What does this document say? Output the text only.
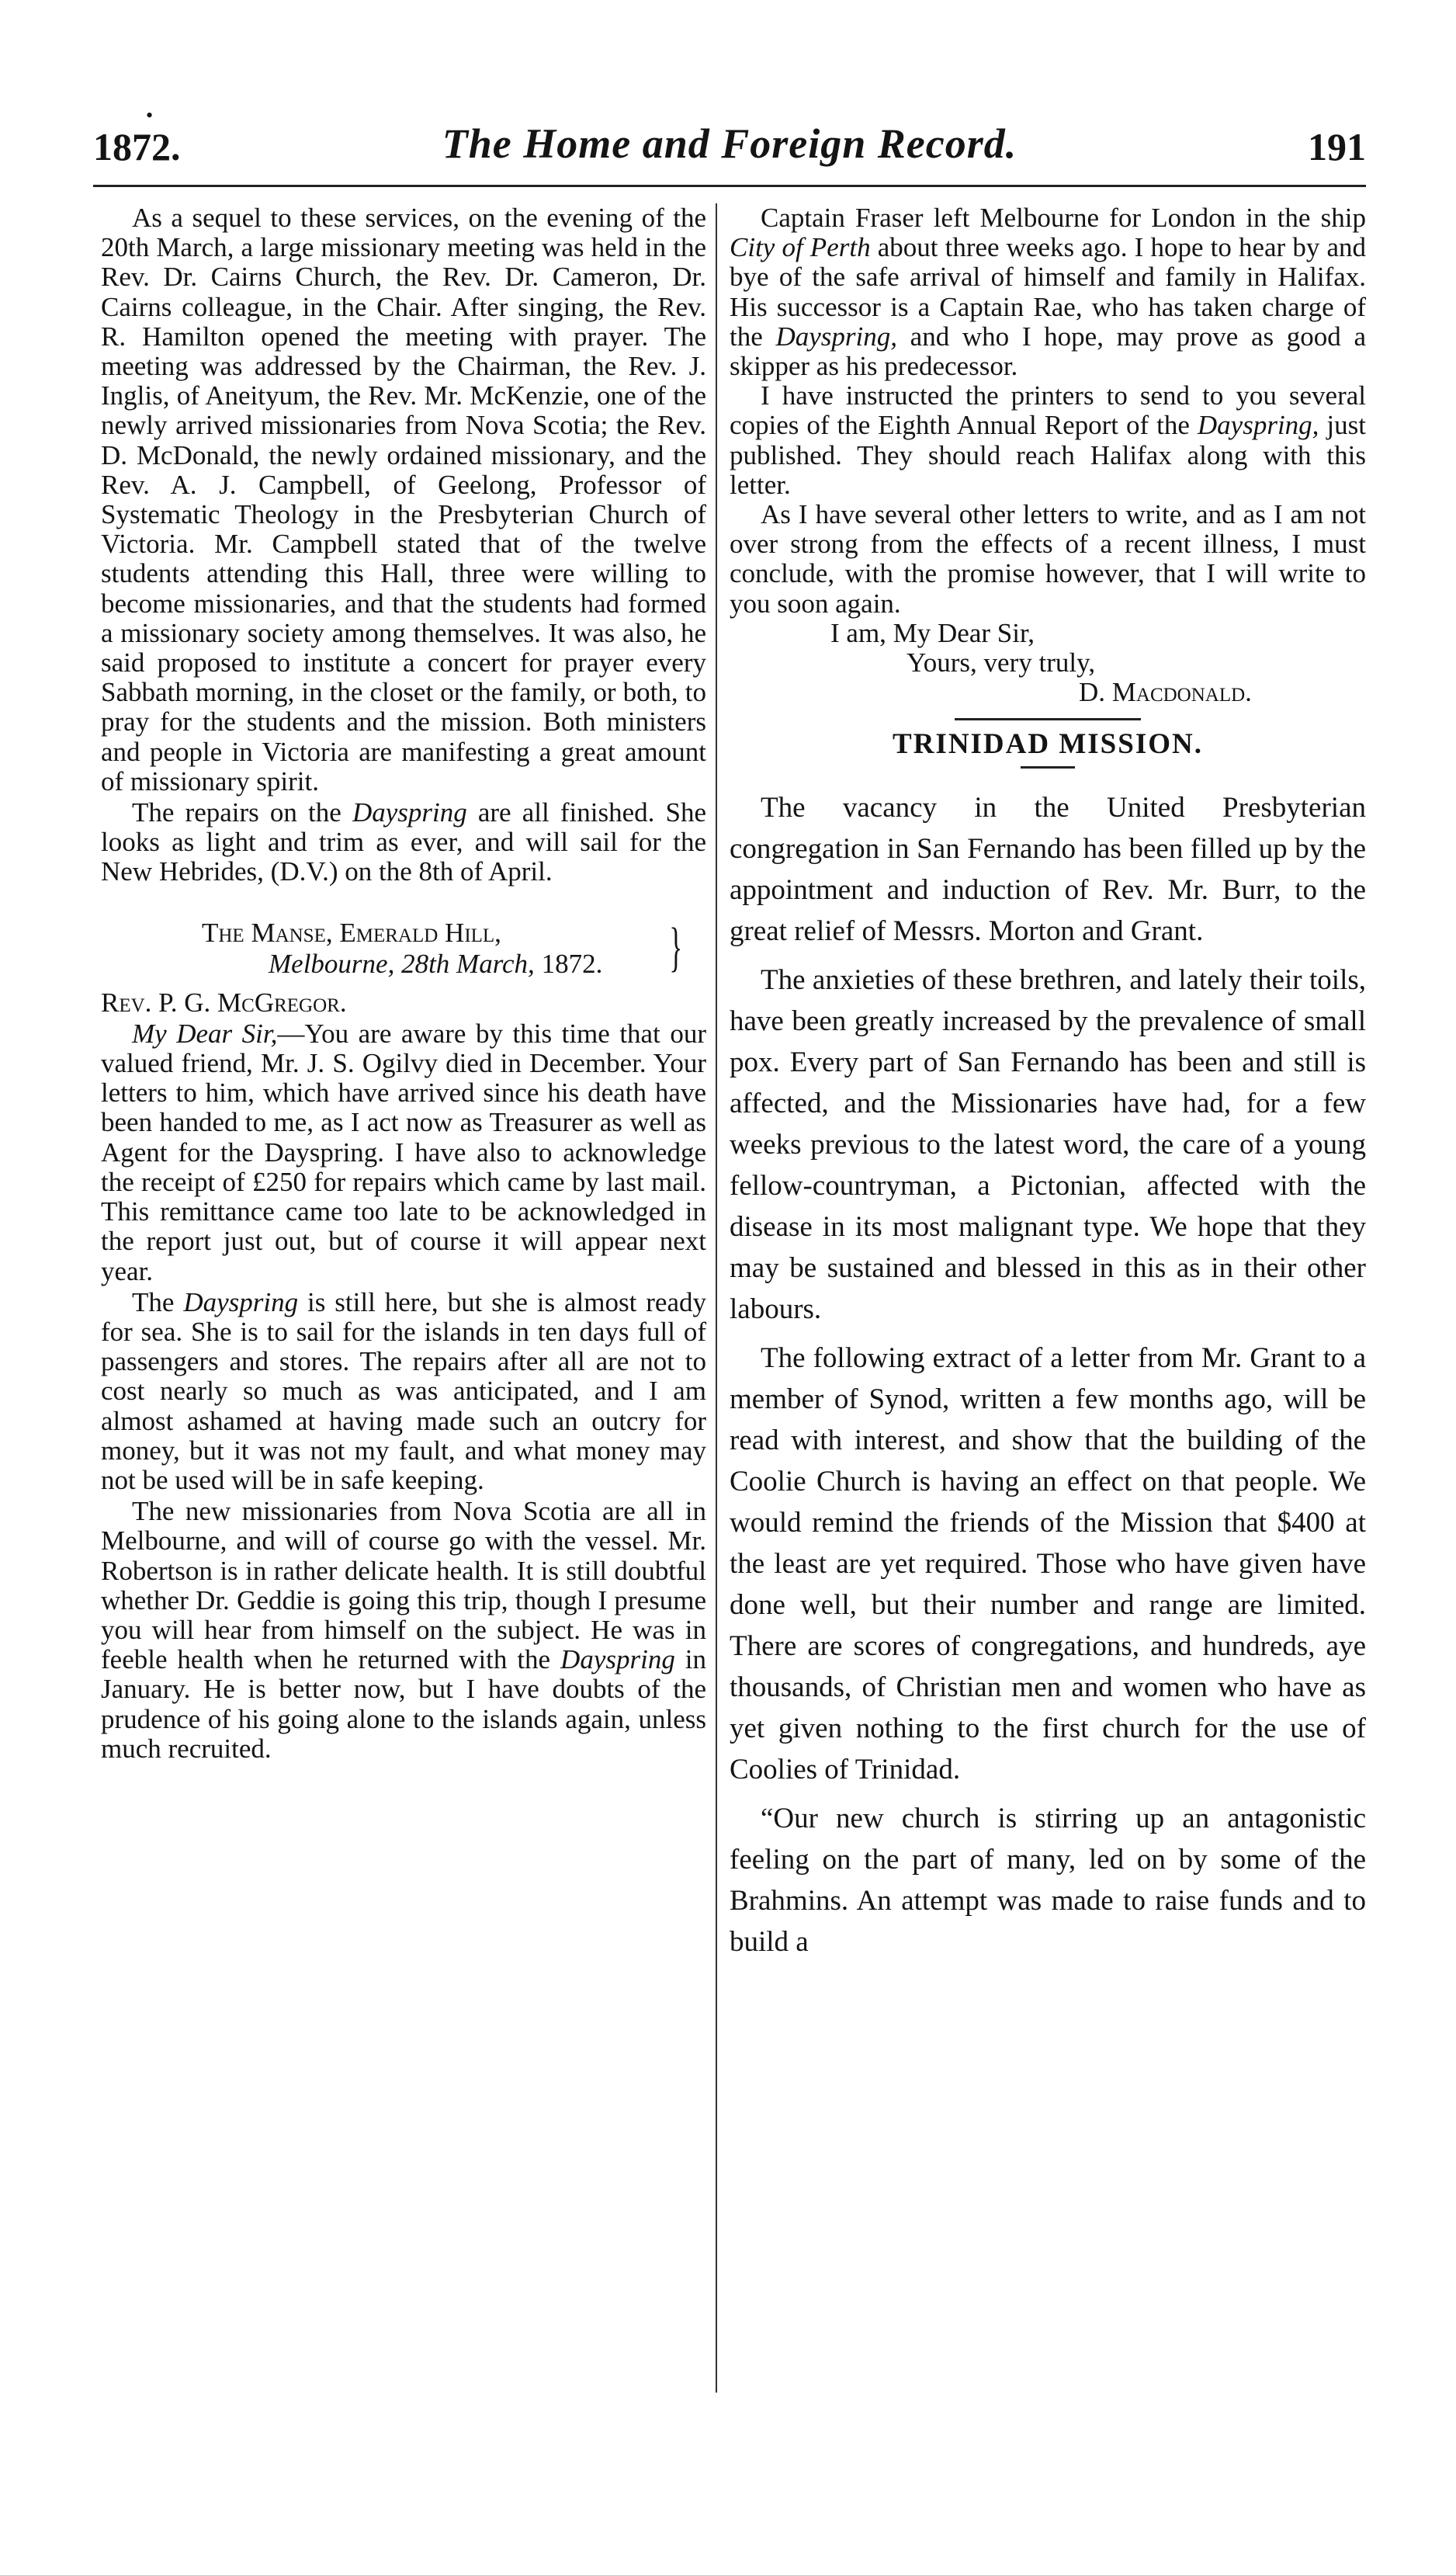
•
1872.	The Home and Foreign Record.	191

As a sequel to these services, on the evening of the 20th March, a large missionary meeting was held in the Rev. Dr. Cairns Church, the Rev. Dr. Cameron, Dr. Cairns colleague, in the Chair. After singing, the Rev. R. Hamilton opened the meeting with prayer. The meeting was addressed by the Chairman, the Rev. J. Inglis, of Aneityum, the Rev. Mr. McKenzie, one of the newly arrived missionaries from Nova Scotia; the Rev. D. McDonald, the newly ordained missionary, and the Rev. A. J. Campbell, of Geelong, Professor of Systematic Theology in the Presbyterian Church of Victoria. Mr. Campbell stated that of the twelve students attending this Hall, three were willing to become missionaries, and that the students had formed a missionary society among themselves. It was also, he said proposed to institute a concert for prayer every Sabbath morning, in the closet or the family, or both, to pray for the students and the mission. Both ministers and people in Victoria are manifesting a great amount of missionary spirit.

The repairs on the Dayspring are all finished. She looks as light and trim as ever, and will sail for the New Hebrides, (D.V.) on the 8th of April.

The Manse, Emerald Hill,
Melbourne, 28th March, 1872. }

Rev. P. G. McGregor.

My Dear Sir,—You are aware by this time that our valued friend, Mr. J. S. Ogilvy died in December. Your letters to him, which have arrived since his death have been handed to me, as I act now as Treasurer as well as Agent for the Dayspring. I have also to acknowledge the receipt of £250 for repairs which came by last mail. This remittance came too late to be acknowledged in the report just out, but of course it will appear next year.

The Dayspring is still here, but she is almost ready for sea. She is to sail for the islands in ten days full of passengers and stores. The repairs after all are not to cost nearly so much as was anticipated, and I am almost ashamed at having made such an outcry for money, but it was not my fault, and what money may not be used will be in safe keeping.

The new missionaries from Nova Scotia are all in Melbourne, and will of course go with the vessel. Mr. Robertson is in rather delicate health. It is still doubtful whether Dr. Geddie is going this trip, though I presume you will hear from himself on the subject. He was in feeble health when he returned with the Dayspring in January. He is better now, but I have doubts of the prudence of his going alone to the islands again, unless much recruited.

Captain Fraser left Melbourne for London in the ship City of Perth about three weeks ago. I hope to hear by and bye of the safe arrival of himself and family in Halifax. His successor is a Captain Rae, who has taken charge of the Dayspring, and who I hope, may prove as good a skipper as his predecessor.

I have instructed the printers to send to you several copies of the Eighth Annual Report of the Dayspring, just published. They should reach Halifax along with this letter.

As I have several other letters to write, and as I am not over strong from the effects of a recent illness, I must conclude, with the promise however, that I will write to you soon again.

I am, My Dear Sir,
Yours, very truly,
D. Macdonald.
TRINIDAD MISSION.

The vacancy in the United Presbyterian congregation in San Fernando has been filled up by the appointment and induction of Rev. Mr. Burr, to the great relief of Messrs. Morton and Grant.

The anxieties of these brethren, and lately their toils, have been greatly increased by the prevalence of small pox. Every part of San Fernando has been and still is affected, and the Missionaries have had, for a few weeks previous to the latest word, the care of a young fellow-countryman, a Pictonian, affected with the disease in its most malignant type. We hope that they may be sustained and blessed in this as in their other labours.

The following extract of a letter from Mr. Grant to a member of Synod, written a few months ago, will be read with interest, and show that the building of the Coolie Church is having an effect on that people. We would remind the friends of the Mission that $400 at the least are yet required. Those who have given have done well, but their number and range are limited. There are scores of congregations, and hundreds, aye thousands, of Christian men and women who have as yet given nothing to the first church for the use of Coolies of Trinidad.

“Our new church is stirring up an antagonistic feeling on the part of many, led on by some of the Brahmins. An attempt was made to raise funds and to build a
